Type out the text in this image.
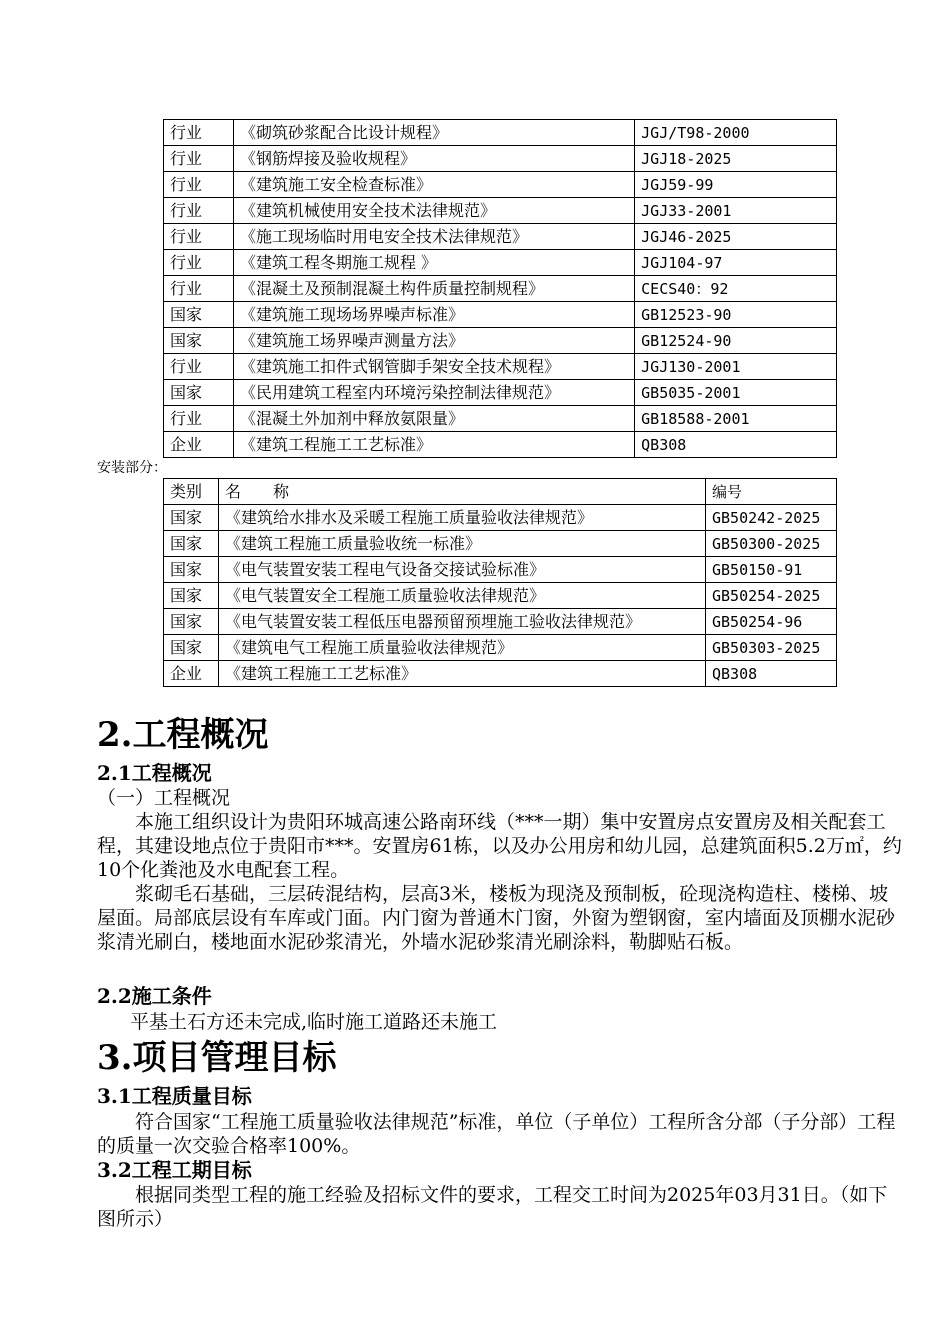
行业	《砌筑砂浆配合比设计规程》	JGJ/T98-2000
行业	《钢筋焊接及验收规程》	JGJ18-2025
行业	《建筑施工安全检查标准》	JGJ59-99
行业	《建筑机械使用安全技术法律规范》	JGJ33-2001
行业	《施工现场临时用电安全技术法律规范》	JGJ46-2025
行业	《建筑工程冬期施工规程 》	JGJ104-97
行业	《混凝土及预制混凝土构件质量控制规程》	CECS40：92
国家	《建筑施工现场场界噪声标准》	GB12523-90
国家	《建筑施工场界噪声测量方法》	GB12524-90
行业	《建筑施工扣件式钢管脚手架安全技术规程》	JGJ130-2001
国家	《民用建筑工程室内环境污染控制法律规范》	GB5035-2001
行业	《混凝土外加剂中释放氨限量》	GB18588-2001
企业	《建筑工程施工工艺标准》	QB308
安装部分：
类别	名　　称	编号
国家	《建筑给水排水及采暖工程施工质量验收法律规范》	GB50242-2025
国家	《建筑工程施工质量验收统一标准》	GB50300-2025
国家	《电气装置安装工程电气设备交接试验标准》	GB50150-91
国家	《电气装置安全工程施工质量验收法律规范》	GB50254-2025
国家	《电气装置安装工程低压电器预留预埋施工验收法律规范》	GB50254-96
国家	《建筑电气工程施工质量验收法律规范》	GB50303-2025
企业	《建筑工程施工工艺标准》	QB308
2.工程概况
2.1工程概况

（一）工程概况

本施工组织设计为贵阳环城高速公路南环线（***一期）集中安置房点安置房及相关配套工程，其建设地点位于贵阳市***。安置房61栋，以及办公用房和幼儿园，总建筑面积5.2万㎡，约10个化粪池及水电配套工程。

浆砌毛石基础，三层砖混结构，层高3米，楼板为现浇及预制板，砼现浇构造柱、楼梯、坡屋面。局部底层设有车库或门面。内门窗为普通木门窗，外窗为塑钢窗，室内墙面及顶棚水泥砂浆清光刷白，楼地面水泥砂浆清光，外墙水泥砂浆清光刷涂料，勒脚贴石板。

2.2施工条件

平基土石方还未完成,临时施工道路还未施工

3.项目管理目标
3.1工程质量目标

符合国家“工程施工质量验收法律规范”标准，单位（子单位）工程所含分部（子分部）工程的质量一次交验合格率100%。

3.2工程工期目标

根据同类型工程的施工经验及招标文件的要求，工程交工时间为2025年03月31日。（如下图所示）
